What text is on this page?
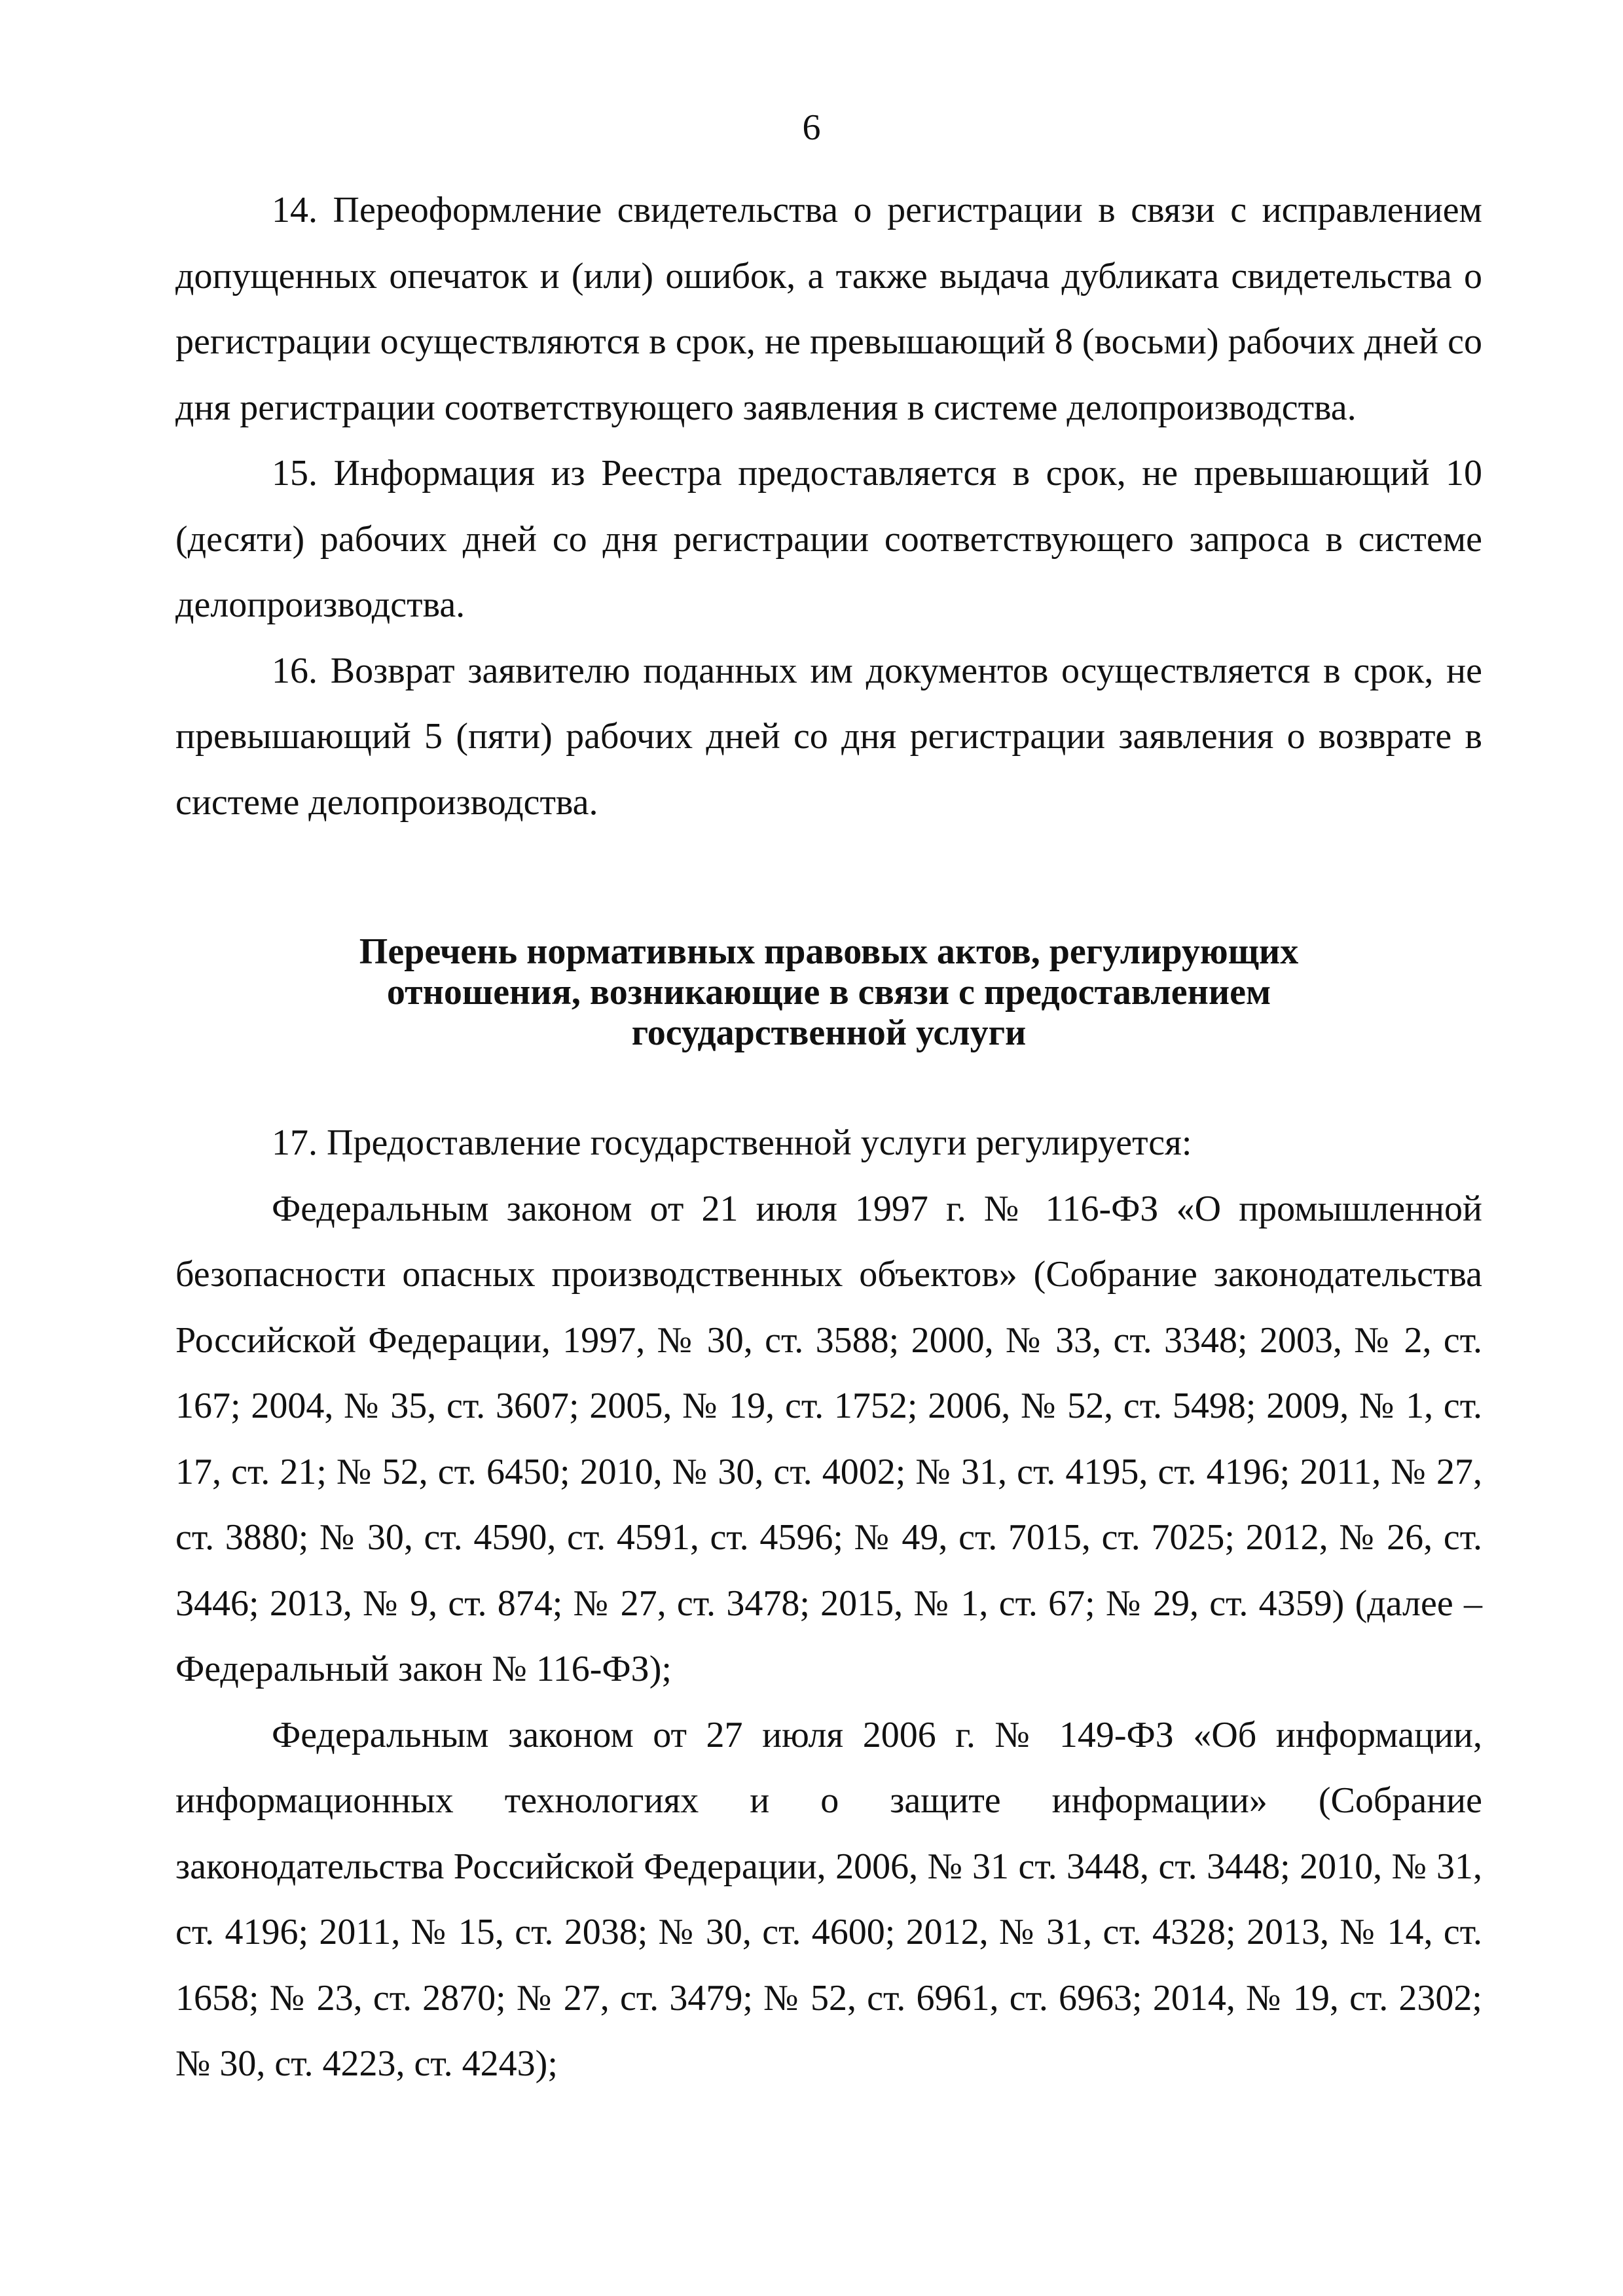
6

14. Переоформление свидетельства о регистрации в связи с исправлением допущенных опечаток и (или) ошибок, а также выдача дубликата свидетельства о регистрации осуществляются в срок, не превышающий 8 (восьми) рабочих дней со дня регистрации соответствующего заявления в системе делопроизводства.

15. Информация из Реестра предоставляется в срок, не превышающий 10 (десяти) рабочих дней со дня регистрации соответствующего запроса в системе делопроизводства.

16. Возврат заявителю поданных им документов осуществляется в срок, не превышающий 5 (пяти) рабочих дней со дня регистрации заявления о возврате в системе делопроизводства.

Перечень нормативных правовых актов, регулирующих
отношения, возникающие в связи с предоставлением
государственной услуги

17. Предоставление государственной услуги регулируется:

Федеральным законом от 21 июля 1997 г. № 116-ФЗ «О промышленной безопасности опасных производственных объектов» (Собрание законодательства Российской Федерации, 1997, № 30, ст. 3588; 2000, № 33, ст. 3348; 2003, № 2, ст. 167; 2004, № 35, ст. 3607; 2005, № 19, ст. 1752; 2006, № 52, ст. 5498; 2009, № 1, ст. 17, ст. 21; № 52, ст. 6450; 2010, № 30, ст. 4002; № 31, ст. 4195, ст. 4196; 2011, № 27, ст. 3880; № 30, ст. 4590, ст. 4591, ст. 4596; № 49, ст. 7015, ст. 7025; 2012, № 26, ст. 3446; 2013, № 9, ст. 874; № 27, ст. 3478; 2015, № 1, ст. 67; № 29, ст. 4359) (далее – Федеральный закон № 116-ФЗ);

Федеральным законом от 27 июля 2006 г. № 149-ФЗ «Об информации, информационных технологиях и о защите информации» (Собрание законодательства Российской Федерации, 2006, № 31 ст. 3448, ст. 3448; 2010, № 31, ст. 4196; 2011, № 15, ст. 2038; № 30, ст. 4600; 2012, № 31, ст. 4328; 2013, № 14, ст. 1658; № 23, ст. 2870; № 27, ст. 3479; № 52, ст. 6961, ст. 6963; 2014, № 19, ст. 2302; № 30, ст. 4223, ст. 4243);
